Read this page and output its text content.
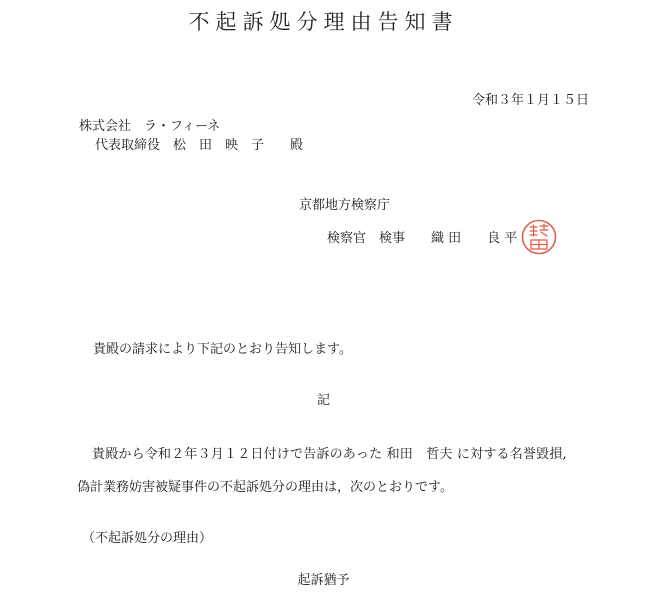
不起訴処分理由告知書
令和３年１月１５日
株式会社　ラ・フィーネ
代表取締役　松　田　映　子　　殿
京都地方検察庁
検察官　検事　　織 田　　良 平
貴殿の請求により下記のとおり告知します。
記
貴殿から令和２年３月１２日付けで告訴のあった 和田　哲夫 に対する名誉毀損,
偽計業務妨害被疑事件の不起訴処分の理由は，次のとおりです。
（不起訴処分の理由）
起訴猶予
